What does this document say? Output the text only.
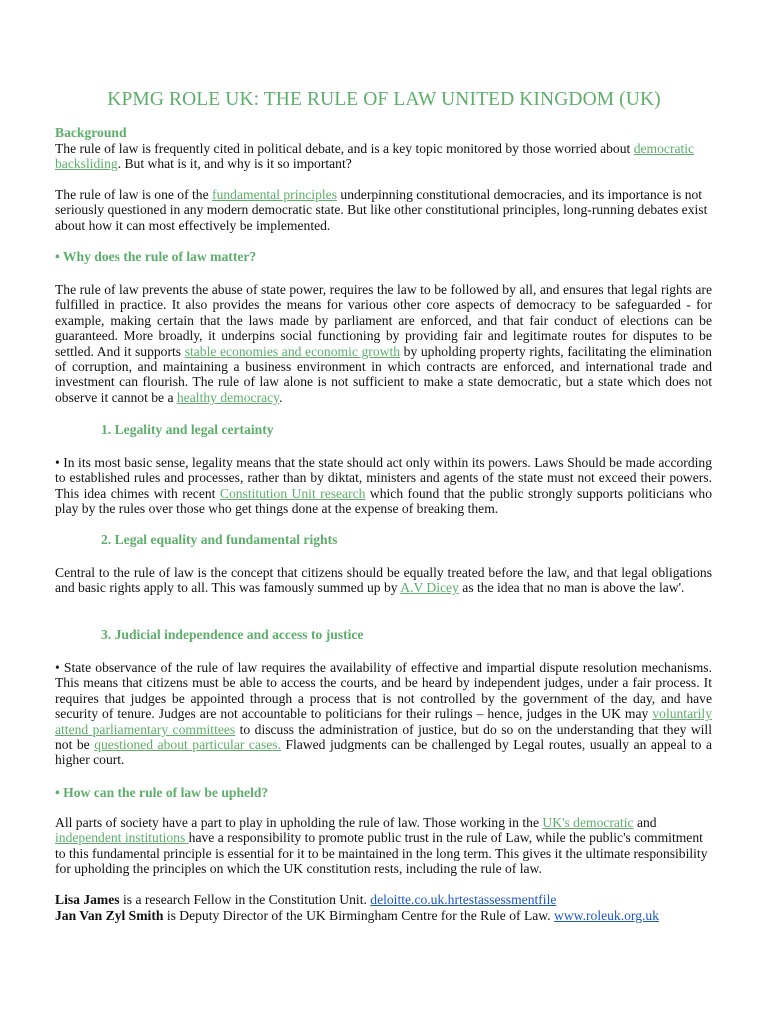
KPMG ROLE UK: THE RULE OF LAW UNITED KINGDOM (UK)
Background

The rule of law is frequently cited in political debate, and is a key topic monitored by those worried about democratic backsliding. But what is it, and why is it so important?

The rule of law is one of the fundamental principles underpinning constitutional democracies, and its importance is not seriously questioned in any modern democratic state. But like other constitutional principles, long-running debates exist about how it can most effectively be implemented.

• Why does the rule of law matter?

The rule of law prevents the abuse of state power, requires the law to be followed by all, and ensures that legal rights are fulfilled in practice. It also provides the means for various other core aspects of democracy to be safeguarded - for example, making certain that the laws made by parliament are enforced, and that fair conduct of elections can be guaranteed. More broadly, it underpins social functioning by providing fair and legitimate routes for disputes to be settled. And it supports stable economies and economic growth by upholding property rights, facilitating the elimination of corruption, and maintaining a business environment in which contracts are enforced, and international trade and investment can flourish. The rule of law alone is not sufficient to make a state democratic, but a state which does not observe it cannot be a healthy democracy.

1. Legality and legal certainty

• In its most basic sense, legality means that the state should act only within its powers. Laws Should be made according to established rules and processes, rather than by diktat, ministers and agents of the state must not exceed their powers. This idea chimes with recent Constitution Unit research which found that the public strongly supports politicians who play by the rules over those who get things done at the expense of breaking them.

2. Legal equality and fundamental rights

Central to the rule of law is the concept that citizens should be equally treated before the law, and that legal obligations and basic rights apply to all. This was famously summed up by A.V Dicey as the idea that no man is above the law'.

3. Judicial independence and access to justice

• State observance of the rule of law requires the availability of effective and impartial dispute resolution mechanisms. This means that citizens must be able to access the courts, and be heard by independent judges, under a fair process. It requires that judges be appointed through a process that is not controlled by the government of the day, and have security of tenure. Judges are not accountable to politicians for their rulings – hence, judges in the UK may voluntarily attend parliamentary committees to discuss the administration of justice, but do so on the understanding that they will not be questioned about particular cases. Flawed judgments can be challenged by Legal routes, usually an appeal to a higher court.

• How can the rule of law be upheld?

All parts of society have a part to play in upholding the rule of law. Those working in the UK's democratic and independent institutions have a responsibility to promote public trust in the rule of Law, while the public's commitment to this fundamental principle is essential for it to be maintained in the long term. This gives it the ultimate responsibility for upholding the principles on which the UK constitution rests, including the rule of law.

Lisa James is a research Fellow in the Constitution Unit. deloitte.co.uk.hrtestassessmentfile

Jan Van Zyl Smith is Deputy Director of the UK Birmingham Centre for the Rule of Law. www.roleuk.org.uk
